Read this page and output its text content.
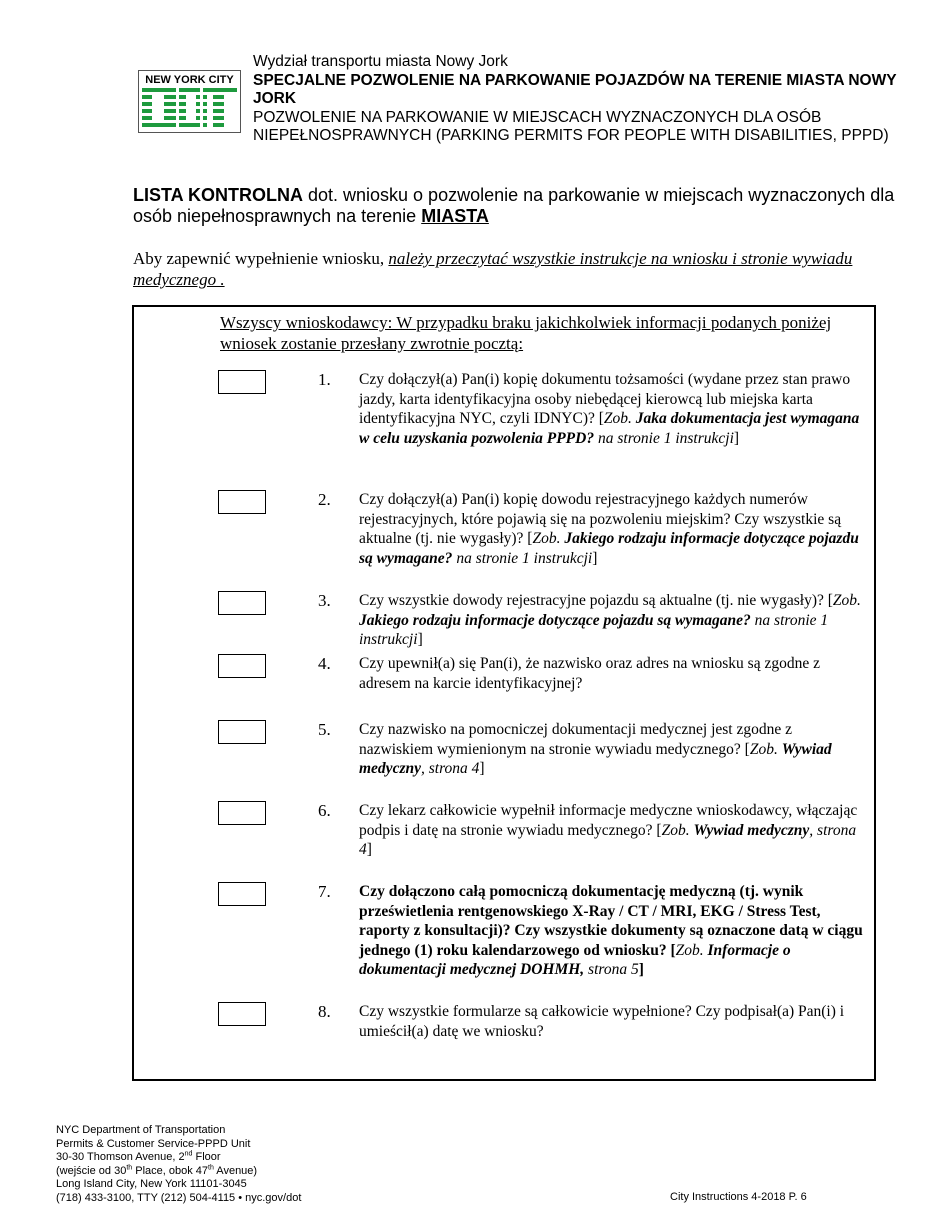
NEW YORK CITY
Wydział transportu miasta Nowy Jork
SPECJALNE POZWOLENIE NA PARKOWANIE POJAZDÓW NA TERENIE MIASTA NOWY JORK
POZWOLENIE NA PARKOWANIE W MIEJSCACH WYZNACZONYCH DLA OSÓB NIEPEŁNOSPRAWNYCH (PARKING PERMITS FOR PEOPLE WITH DISABILITIES, PPPD)
LISTA KONTROLNA dot. wniosku o pozwolenie na parkowanie w miejscach wyznaczonych dla osób niepełnosprawnych na terenie MIASTA
Aby zapewnić wypełnienie wniosku, należy przeczytać wszystkie instrukcje na wniosku i stronie wywiadu medycznego .
Wszyscy wnioskodawcy: W przypadku braku jakichkolwiek informacji podanych poniżej wniosek zostanie przesłany zwrotnie pocztą:
1. Czy dołączył(a) Pan(i) kopię dokumentu tożsamości (wydane przez stan prawo jazdy, karta identyfikacyjna osoby niebędącej kierowcą lub miejska karta identyfikacyjna NYC, czyli IDNYC)? [Zob. Jaka dokumentacja jest wymagana w celu uzyskania pozwolenia PPPD? na stronie 1 instrukcji]
2. Czy dołączył(a) Pan(i) kopię dowodu rejestracyjnego każdych numerów rejestracyjnych, które pojawią się na pozwoleniu miejskim? Czy wszystkie są aktualne (tj. nie wygasły)? [Zob. Jakiego rodzaju informacje dotyczące pojazdu są wymagane? na stronie 1 instrukcji]
3. Czy wszystkie dowody rejestracyjne pojazdu są aktualne (tj. nie wygasły)? [Zob. Jakiego rodzaju informacje dotyczące pojazdu są wymagane? na stronie 1 instrukcji]
4. Czy upewnił(a) się Pan(i), że nazwisko oraz adres na wniosku są zgodne z adresem na karcie identyfikacyjnej?
5. Czy nazwisko na pomocniczej dokumentacji medycznej jest zgodne z nazwiskiem wymienionym na stronie wywiadu medycznego? [Zob. Wywiad medyczny, strona 4]
6. Czy lekarz całkowicie wypełnił informacje medyczne wnioskodawcy, włączając podpis i datę na stronie wywiadu medycznego? [Zob. Wywiad medyczny, strona 4]
7. Czy dołączono całą pomocniczą dokumentację medyczną (tj. wynik prześwietlenia rentgenowskiego X-Ray / CT / MRI, EKG / Stress Test, raporty z konsultacji)? Czy wszystkie dokumenty są oznaczone datą w ciągu jednego (1) roku kalendarzowego od wniosku? [Zob. Informacje o dokumentacji medycznej DOHMH, strona 5]
8. Czy wszystkie formularze są całkowicie wypełnione? Czy podpisał(a) Pan(i) i umieścił(a) datę we wniosku?
NYC Department of Transportation
Permits & Customer Service-PPPD Unit
30-30 Thomson Avenue, 2nd Floor
(wejście od 30th Place, obok 47th Avenue)
Long Island City, New York 11101-3045
(718) 433-3100, TTY (212) 504-4115 • nyc.gov/dot	City Instructions 4-2018 P. 6
